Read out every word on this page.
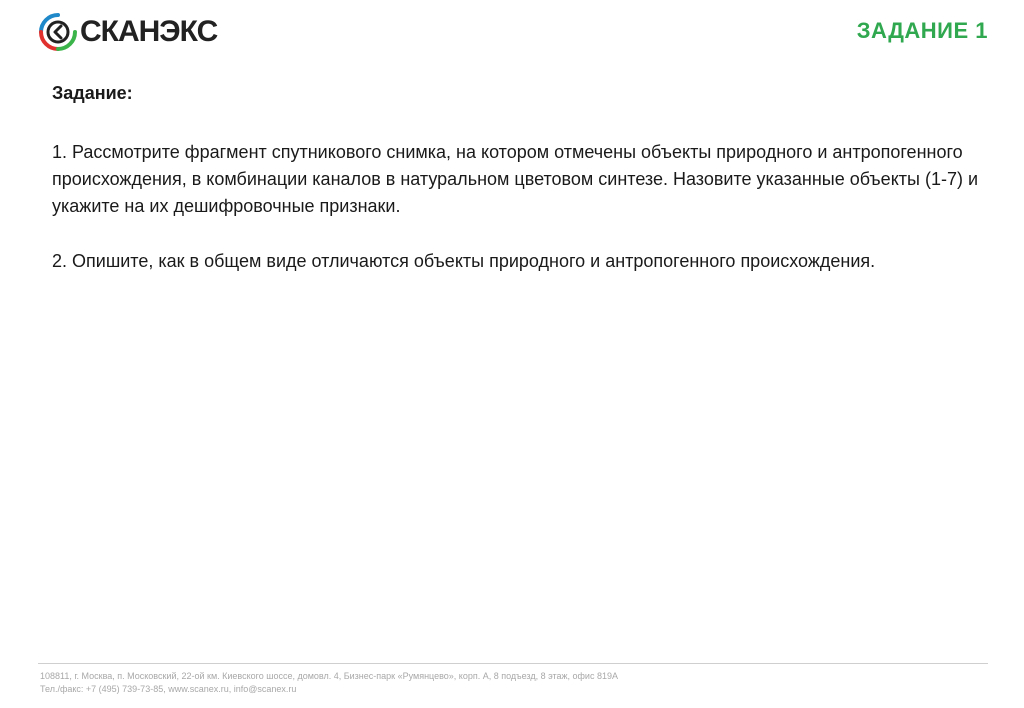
СКАНЭКС	ЗАДАНИЕ 1
Задание:

1. Рассмотрите фрагмент спутникового снимка, на котором отмечены объекты природного и антропогенного происхождения, в комбинации каналов в натуральном цветовом синтезе. Назовите указанные объекты (1-7) и укажите на их дешифровочные признаки.

2. Опишите, как в общем виде отличаются объекты природного и антропогенного происхождения.

108811, г. Москва, п. Московский, 22-ой км. Киевского шоссе, домовл. 4, Бизнес-парк «Румянцево», корп. А, 8 подъезд, 8 этаж, офис 819А
Тел./факс: +7 (495) 739-73-85, www.scanex.ru, info@scanex.ru
